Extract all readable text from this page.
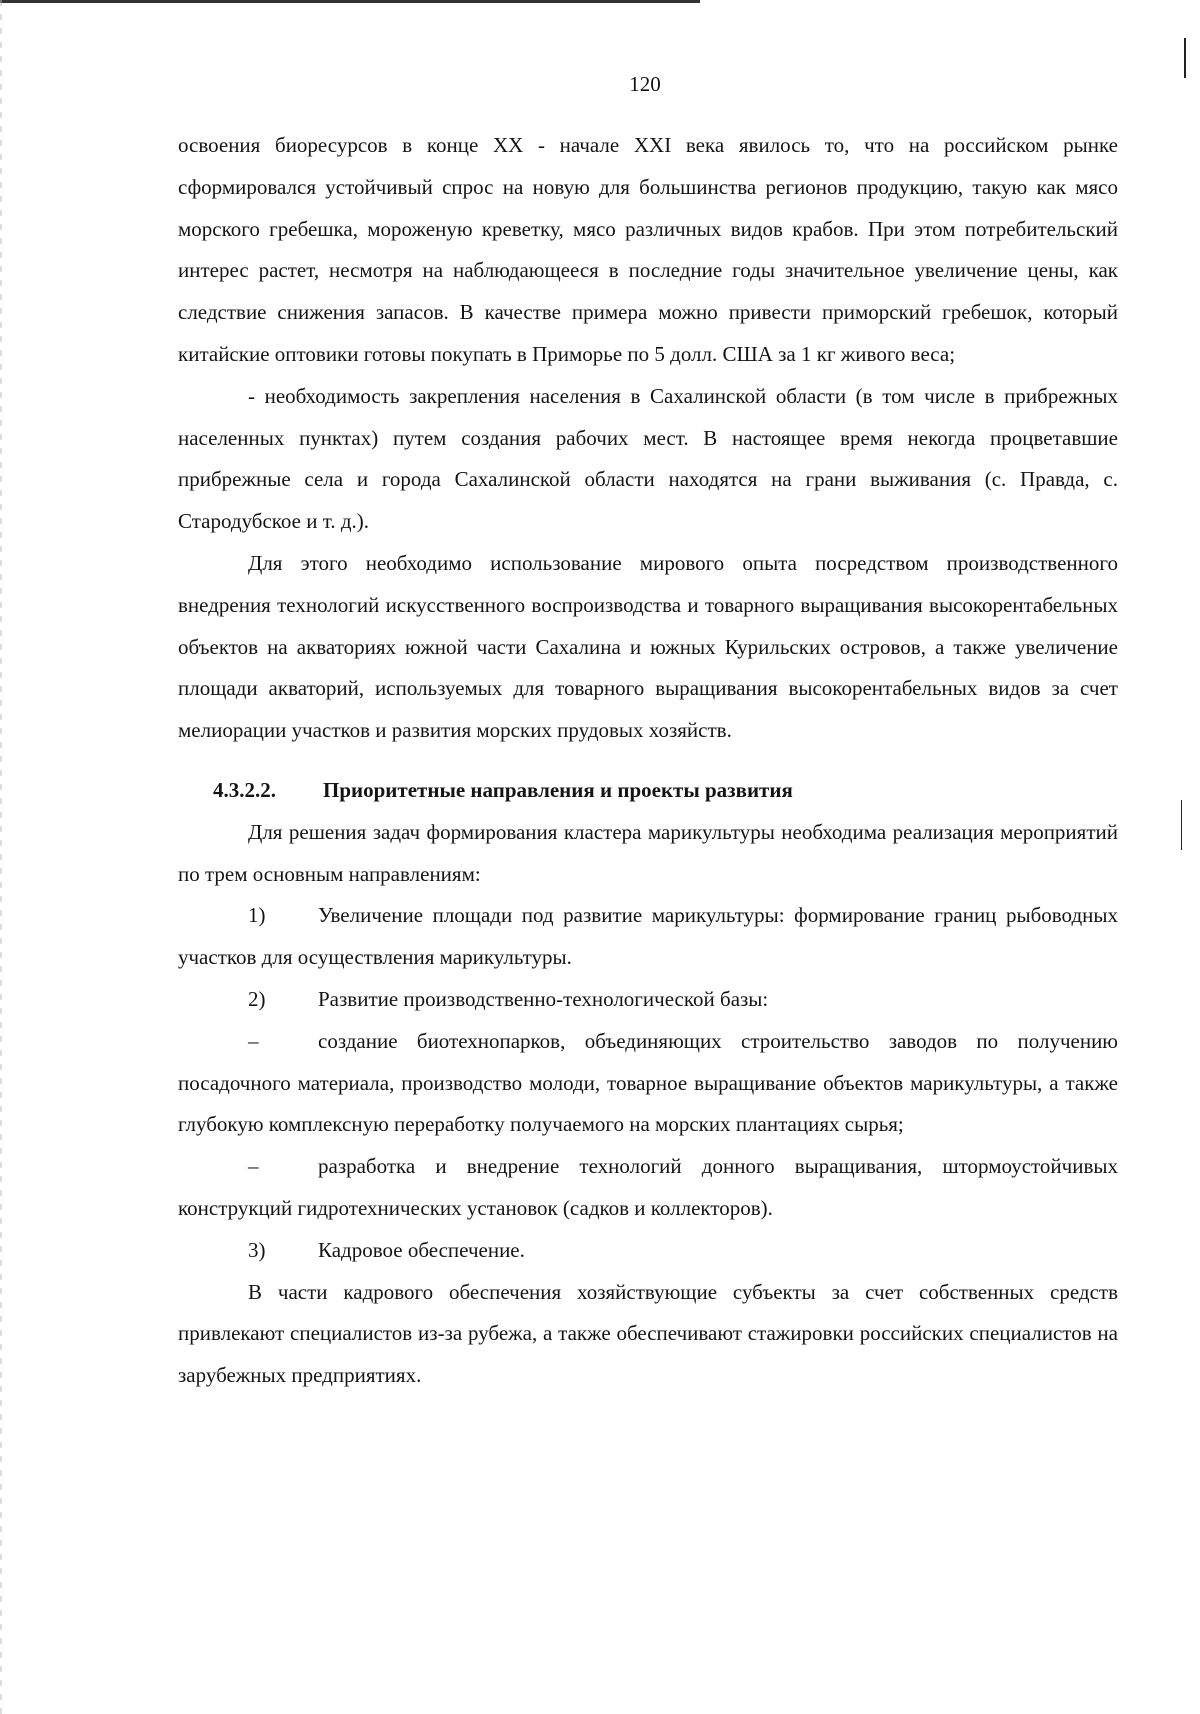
120

освоения биоресурсов в конце XX - начале XXI века явилось то, что на российском рынке сформировался устойчивый спрос на новую для большинства регионов продукцию, такую как мясо морского гребешка, мороженую креветку, мясо различных видов крабов. При этом потребительский интерес растет, несмотря на наблюдающееся в последние годы значительное увеличение цены, как следствие снижения запасов. В качестве примера можно привести приморский гребешок, который китайские оптовики готовы покупать в Приморье по 5 долл. США за 1 кг живого веса;

- необходимость закрепления населения в Сахалинской области (в том числе в прибрежных населенных пунктах) путем создания рабочих мест. В настоящее время некогда процветавшие прибрежные села и города Сахалинской области находятся на грани выживания (с. Правда, с. Стародубское и т. д.).

Для этого необходимо использование мирового опыта посредством производственного внедрения технологий искусственного воспроизводства и товарного выращивания высокорентабельных объектов на акваториях южной части Сахалина и южных Курильских островов, а также увеличение площади акваторий, используемых для товарного выращивания высокорентабельных видов за счет мелиорации участков и развития морских прудовых хозяйств.

4.3.2.2. Приоритетные направления и проекты развития

Для решения задач формирования кластера марикультуры необходима реализация мероприятий по трем основным направлениям:

1)	Увеличение площади под развитие марикультуры: формирование границ рыбоводных участков для осуществления марикультуры.

2)	Развитие производственно-технологической базы:

–	создание биотехнопарков, объединяющих строительство заводов по получению посадочного материала, производство молоди, товарное выращивание объектов марикультуры, а также глубокую комплексную переработку получаемого на морских плантациях сырья;

–	разработка и внедрение технологий донного выращивания, штормоустойчивых конструкций гидротехнических установок (садков и коллекторов).

3)	Кадровое обеспечение.

В части кадрового обеспечения хозяйствующие субъекты за счет собственных средств привлекают специалистов из-за рубежа, а также обеспечивают стажировки российских специалистов на зарубежных предприятиях.
